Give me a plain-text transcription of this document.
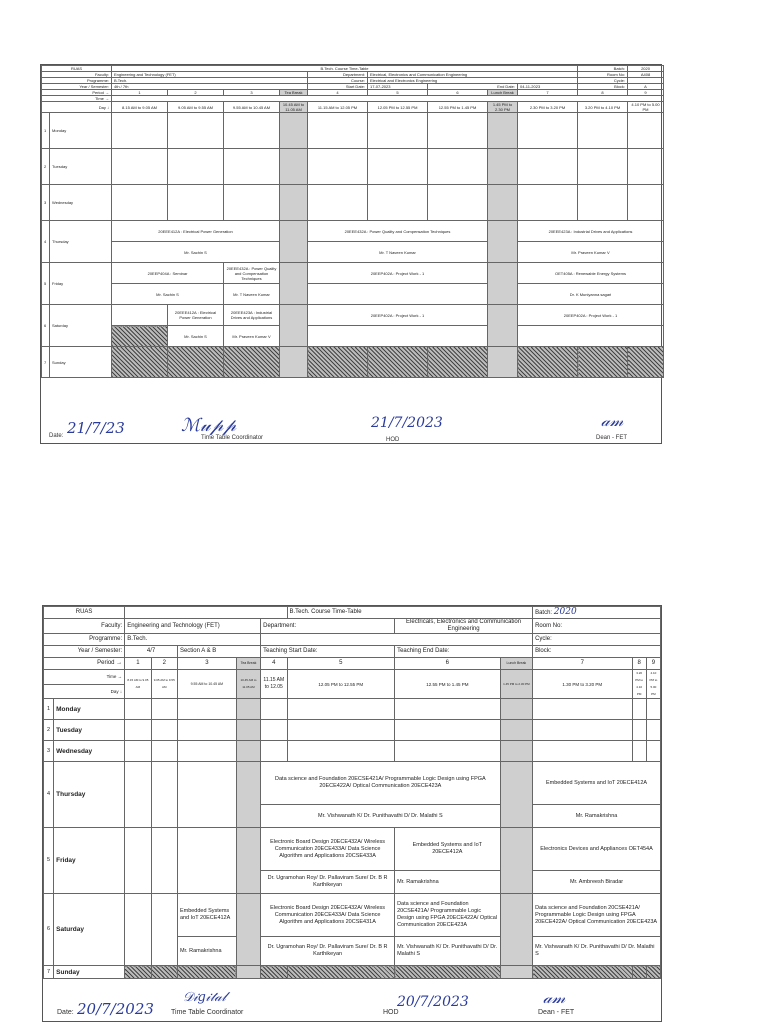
RUAS		B.Tech. Course Time-Table									Batch:	2020
Faculty:		Engineering and Technology (FET)				Department:	Electrical, Electronics and Communication Engineering				Room No:	A408
Programme:		B.Tech.				Course:	Electrical and Electronics Engineering				Cycle:	
Year / Semester:		4th / 7th				Start Date:	17-07-2023	End Date:		04-11-2023	Block:	A
Period →		1	2	3	Tea Break	4	5	6	Lunch Break	7	8	9
Time →												
Day ↓		8.15 AM to 9.05 AM	9.05 AM to 9.55 AM	9.55 AM to 10.45 AM	10.45 AM to 11.05 AM	11.15 AM to 12.05 PM	12.05 PM to 12.55 PM	12.55 PM to 1.45 PM	1.45 PM to 2.30 PM	2.30 PM to 3.20 PM	3.20 PM to 4.10 PM	4.10 PM to 5.00 PM
1	Monday											
2	Tuesday											
3	Wednesday											
4	Thursday	20EEE412A : Electrical Power Generation				20EEE432A : Power Quality and Compensation Techniques				20EEE423A : Industrial Drives and Applications		
		Mr. Sachin S				Mr. T Naveen Kumar				Mr. Praveen Kumar V		
5	Friday	20EEP404A : Seminar		20EEE432A : Power Quality and Compensation Techniques		20EEP402A : Project Work - 1				OET405A : Renewable Energy Systems		
		Mr. Sachin S		Mr. T Naveen Kumar						Dr. K Muniyanna sagari		
6	Saturday		20EEE412A : Electrical Power Generation	20EEE423A : Industrial Drives and Applications		20EEP402A : Project Work - 1				20EEP402A : Project Work - 1		
			Mr. Sachin S	Mr. Praveen Kumar V								
7	Sunday											
Date: 21/7/23	ℳ𝓊𝓅𝓅
Time Table Coordinator
21/7/2023
HOD
𝒶𝓂
Dean - FET
RUAS							B.Tech. Course Time-Table			Batch: 2020		
Faculty:		Engineering and Technology (FET)				Department:		Electricals, Electronics and Communication Engineering		Room No:		
Programme:		B.Tech.								Cycle:		
Year / Semester:		4/7		Section A & B		Teaching Start Date:		Teaching End Date:		Block:		
Period →		1	2	3	Tea Break	4	5	6	Lunch Break	7	8	9
Time →		8.15 AM to 9.05 AM	9.05 AM to 9.55 AM	9.55 AM to 10.45 AM	10.45 AM to 11.05 AM	11.15 AM to 12.05	12.05 PM to 12.55 PM	12.55 PM to 1.45 PM	1.45 PM to 2.30 PM	1.30 PM to 3.20 PM	3.20 PM to 4.10 PM	4.10 PM to 5.00 PM
Day ↓												
1	Monday											
2	Tuesday											
3	Wednesday											
4	Thursday					Data science and Foundation 20ECSE421A/ Programmable Logic Design using FPGA 20ECE422A/ Optical Communication 20ECE423A				Embedded Systems and IoT 20ECE412A		
						Mr. Vishwanath K/ Dr. Punithavathi D/ Dr. Malathi S				Mr. Ramakrishna		
5	Friday					Electronic Board Design 20ECE432A/ Wireless Communication 20ECE433A/ Data Science Algorithm and Applications 20CSE433A		Embedded Systems and IoT 20ECE412A		Electronics Devices and Appliances OET454A		
						Dr. Ugramohan Roy/ Dr. Pallaviram Sure/ Dr. B R Karthikeyan		Mr. Ramakrishna		Mr. Ambreesh Biradar		
6	Saturday			Embedded Systems and IoT 20ECE412A		Electronic Board Design 20ECE432A/ Wireless Communication 20ECE433A/ Data Science Algorithm and Applications 20CSE431A		Data science and Foundation 20CSE421A/ Programmable Logic Design using FPGA 20ECE422A/ Optical Communication 20ECE423A		Data science and Foundation 20CSE421A/ Programmable Logic Design using FPGA 20ECE422A/ Optical Communication 20ECE423A		
				Mr. Ramakrishna		Dr. Ugramohan Roy/ Dr. Pallaviram Sure/ Dr. B R Karthikeyan		Mr. Vishwanath K/ Dr. Punithavathi D/ Dr. Malathi S		Mr. Vishwanath K/ Dr. Punithavathi D/ Dr. Malathi S		
7	Sunday											
Date: 20/7/2023
𝒟𝒾𝑔𝒾𝓉𝒶𝓁
Time Table Coordinator	HOD
20/7/2023	𝒶𝓂
Dean - FET
